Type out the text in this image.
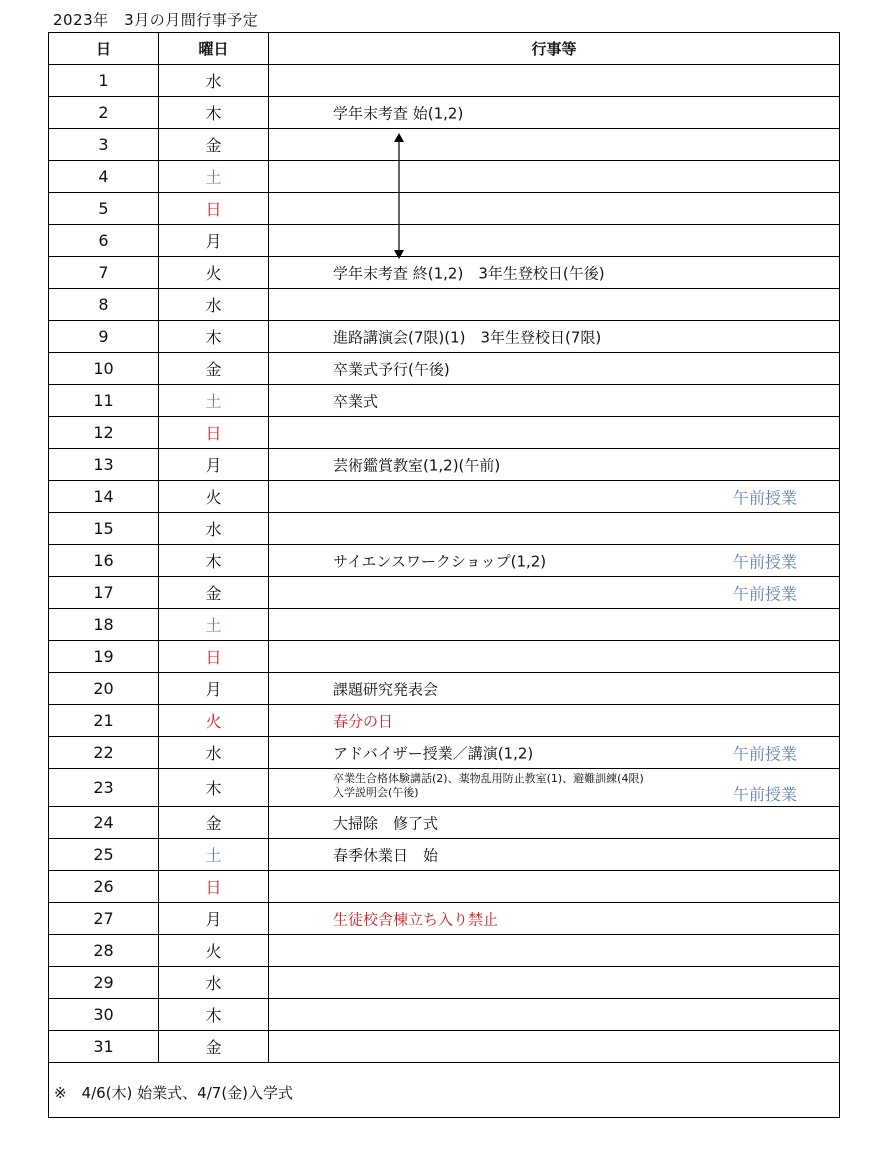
2023年　3月の月間行事予定
日	曜日	行事等
1	水	
2	木	学年末考査 始(1,2)

3	金	
4	土	
5	日	
6	月	
7	火	学年末考査 終(1,2)　3年生登校日(午後)

8	水	
9	木	進路講演会(7限)(1)　3年生登校日(7限)

10	金	卒業式予行(午後)

11	土	卒業式

12	日	
13	月	芸術鑑賞教室(1,2)(午前)

14	火	午前授業

15	水	
16	木	サイエンスワークショップ(1,2) 午前授業

17	金	午前授業

18	土	
19	日	
20	月	課題研究発表会

21	火	春分の日

22	水	アドバイザー授業／講演(1,2) 午前授業

23	木	卒業生合格体験講話(2)、薬物乱用防止教室(1)、避難訓練(4限)
入学説明会(午後) 午前授業

24	金	大掃除　修了式

25	土	春季休業日　始

26	日	
27	月	生徒校舎棟立ち入り禁止

28	火	
29	水	
30	木	
31	金	
※　4/6(木) 始業式、4/7(金)入学式
